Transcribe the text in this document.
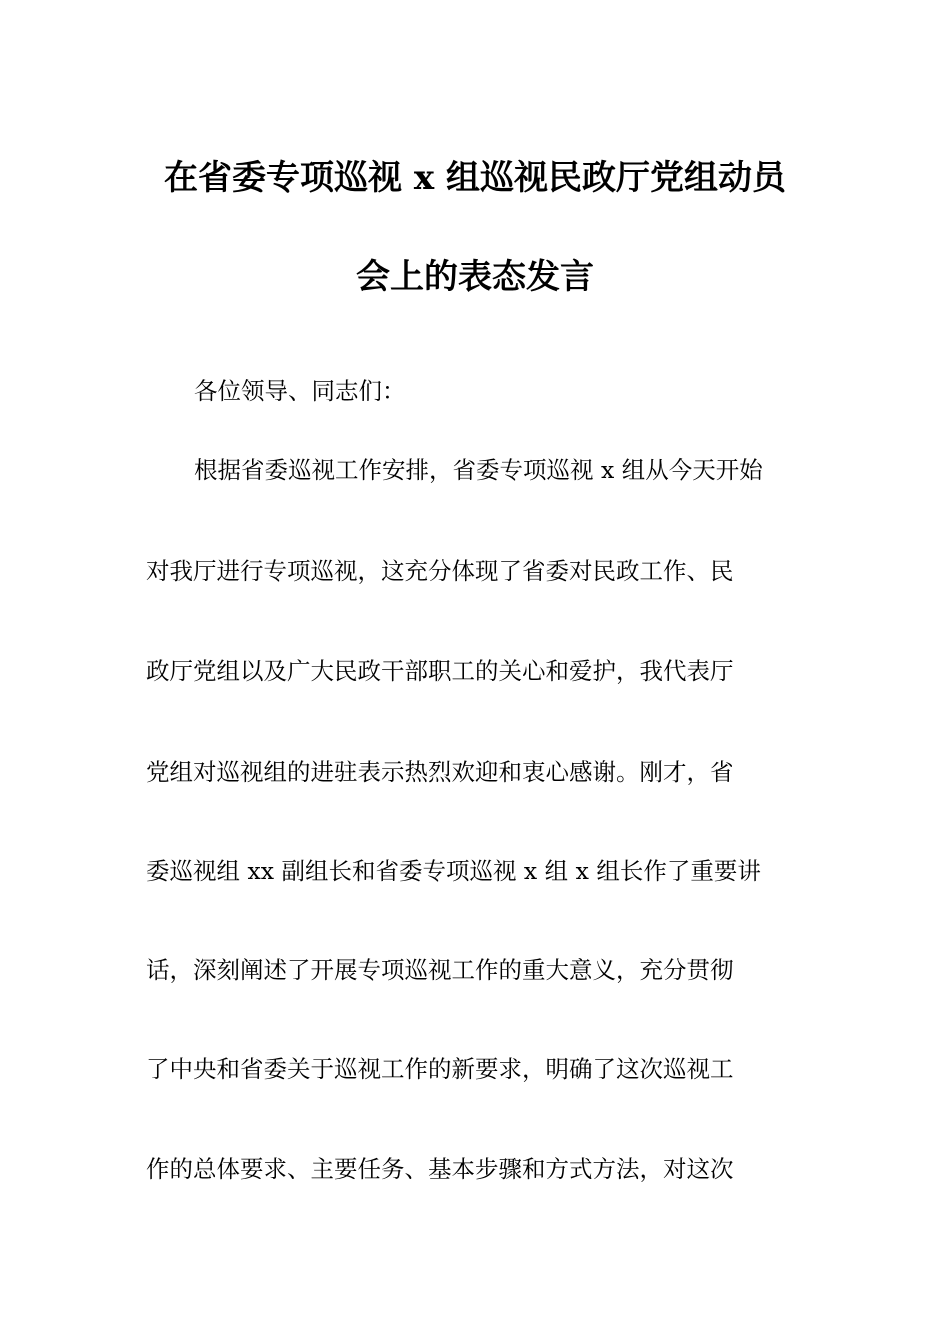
在省委专项巡视 x 组巡视民政厅党组动员
会上的表态发言
各位领导、同志们：
根据省委巡视工作安排，省委专项巡视 x 组从今天开始
对我厅进行专项巡视，这充分体现了省委对民政工作、民
政厅党组以及广大民政干部职工的关心和爱护，我代表厅
党组对巡视组的进驻表示热烈欢迎和衷心感谢。刚才，省
委巡视组 xx 副组长和省委专项巡视 x 组 x 组长作了重要讲
话，深刻阐述了开展专项巡视工作的重大意义，充分贯彻
了中央和省委关于巡视工作的新要求，明确了这次巡视工
作的总体要求、主要任务、基本步骤和方式方法，对这次
